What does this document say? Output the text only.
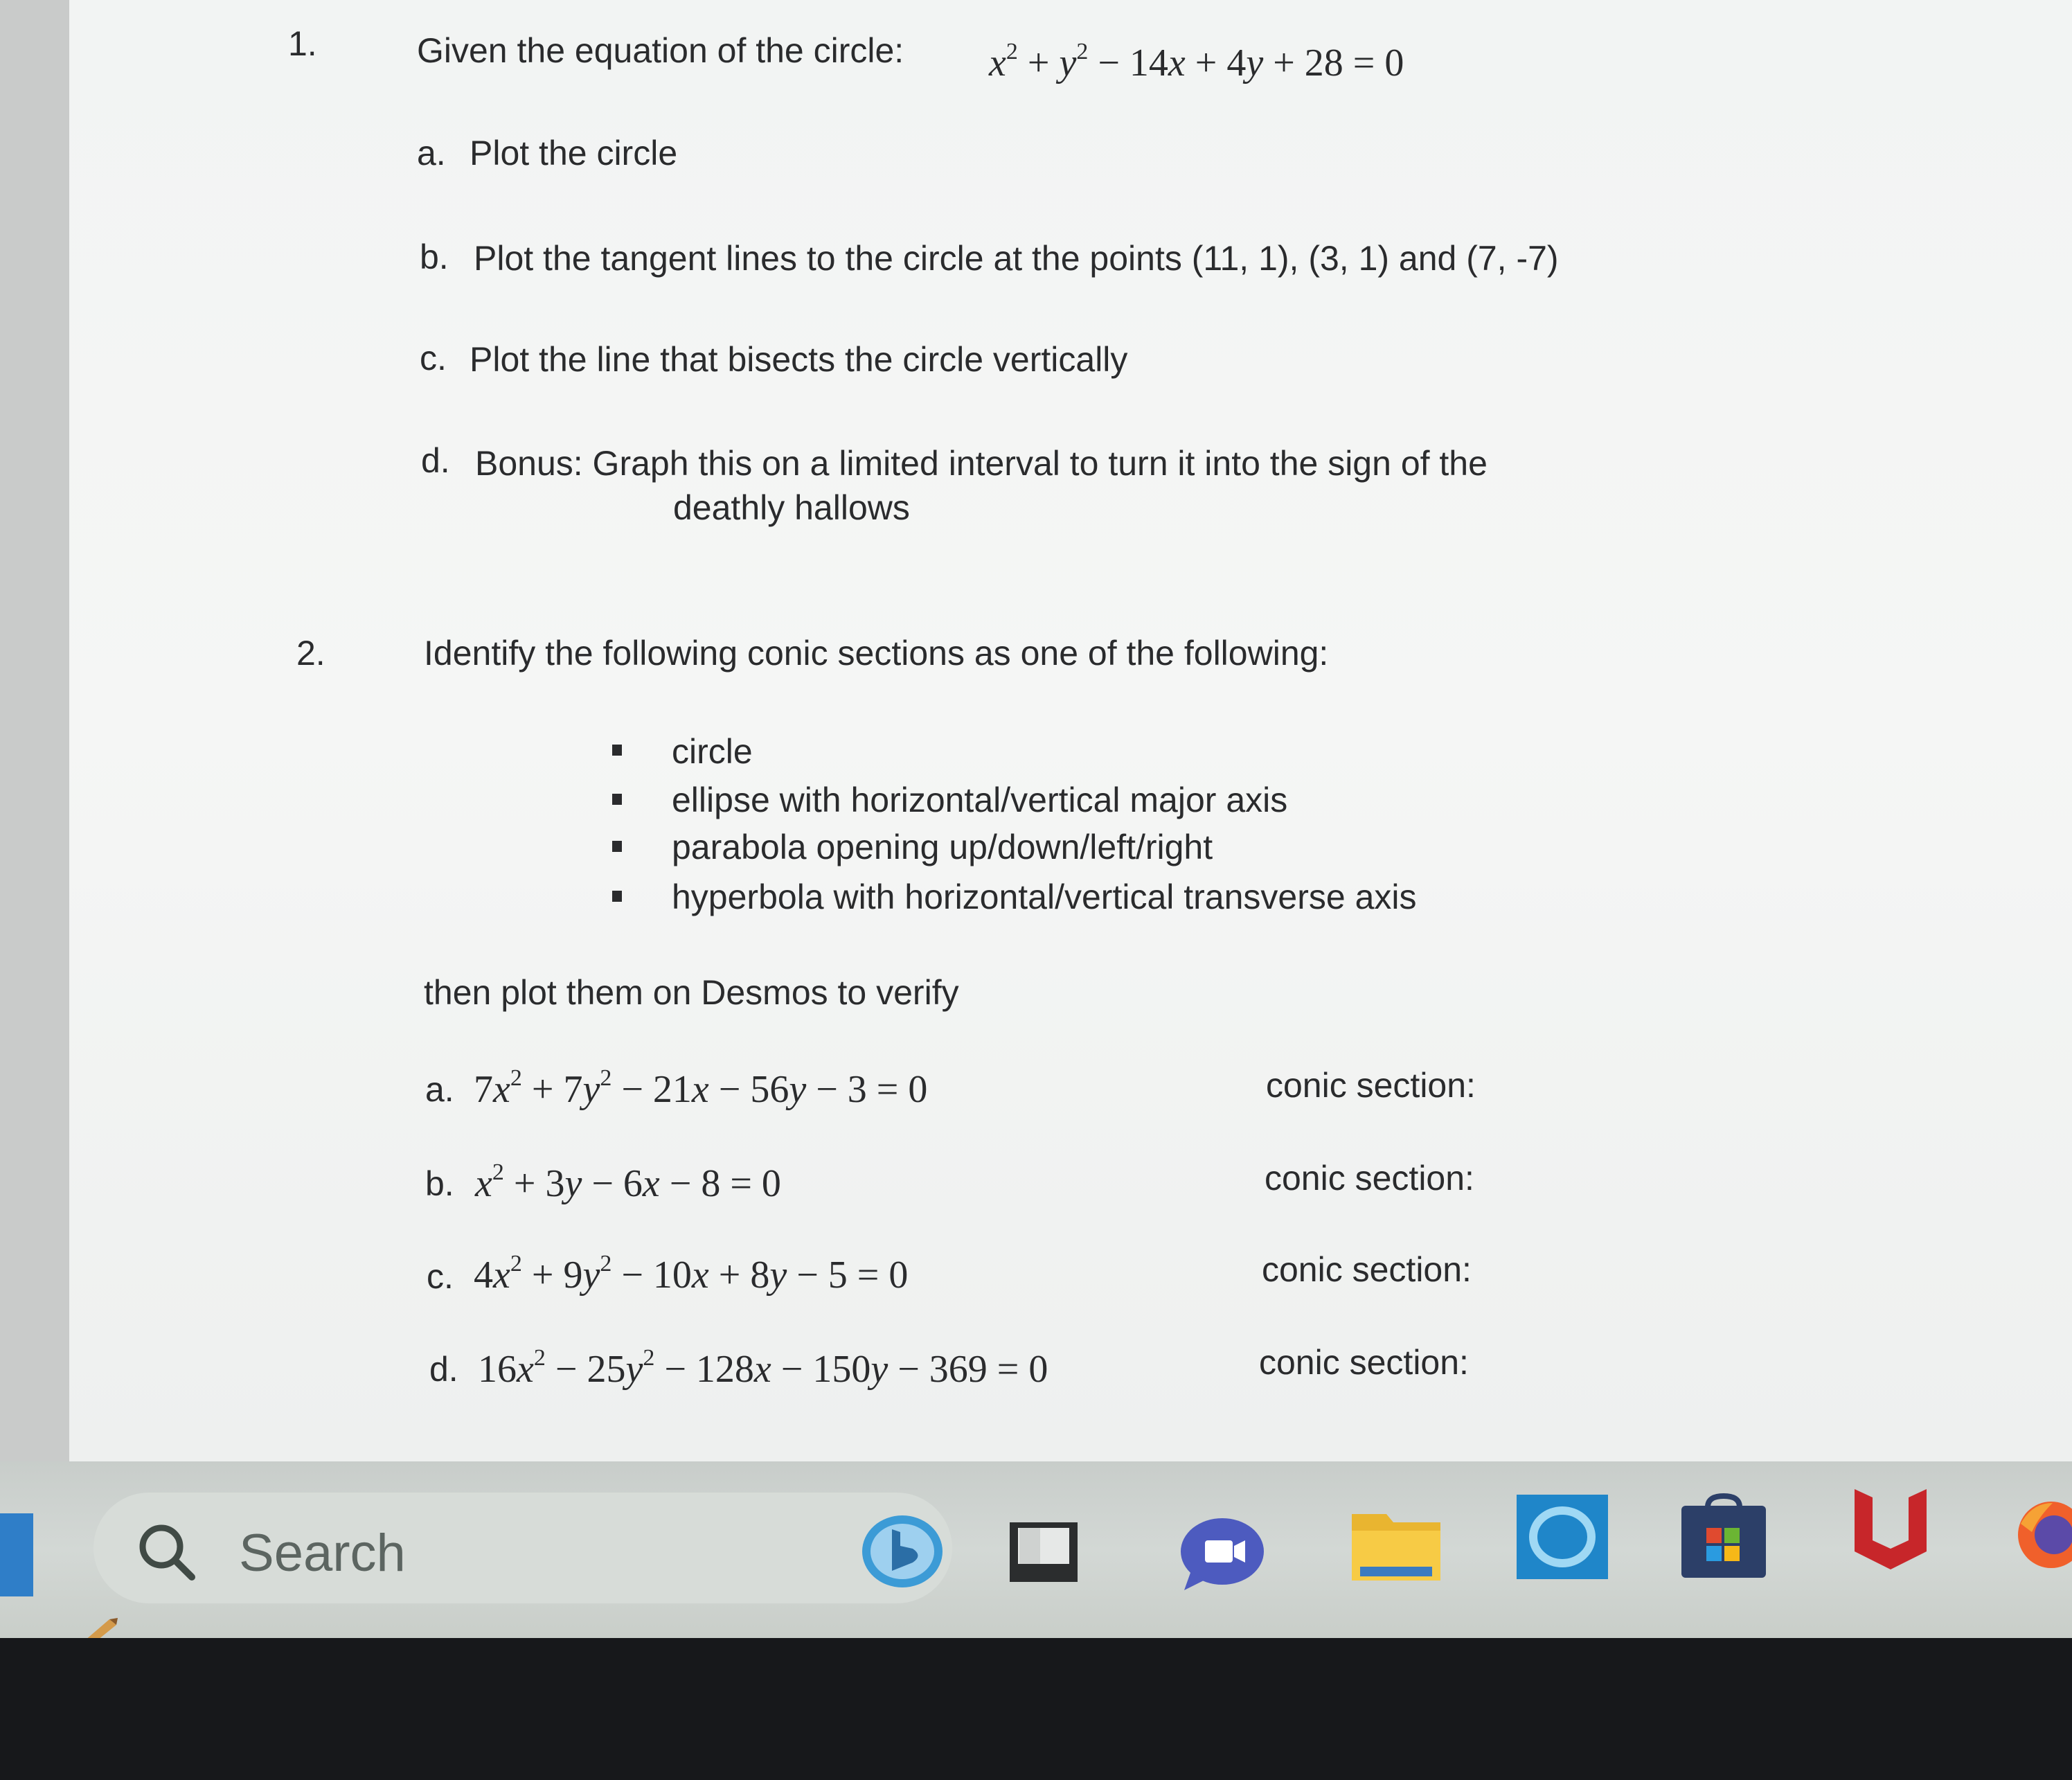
1.	Given the equation of the circle: $x^2 + y^2 - 14x + 4y + 28 = 0$
a. Plot the circle
b. Plot the tangent lines to the circle at the points (11, 1), (3, 1) and (7, -7)
c. Plot the line that bisects the circle vertically
d. Bonus: Graph this on a limited interval to turn it into the sign of the
deathly hallows
2.	Identify the following conic sections as one of the following:
circle
ellipse with horizontal/vertical major axis
parabola opening up/down/left/right
hyperbola with horizontal/vertical transverse axis
then plot them on Desmos to verify
a. $7x^2 + 7y^2 - 21x - 56y - 3 = 0$	conic section:
b. $x^2 + 3y - 6x - 8 = 0$	conic section:
c. $4x^2 + 9y^2 - 10x + 8y - 5 = 0$	conic section:
d. $16x^2 - 25y^2 - 128x - 150y - 369 = 0$	conic section:
Search
